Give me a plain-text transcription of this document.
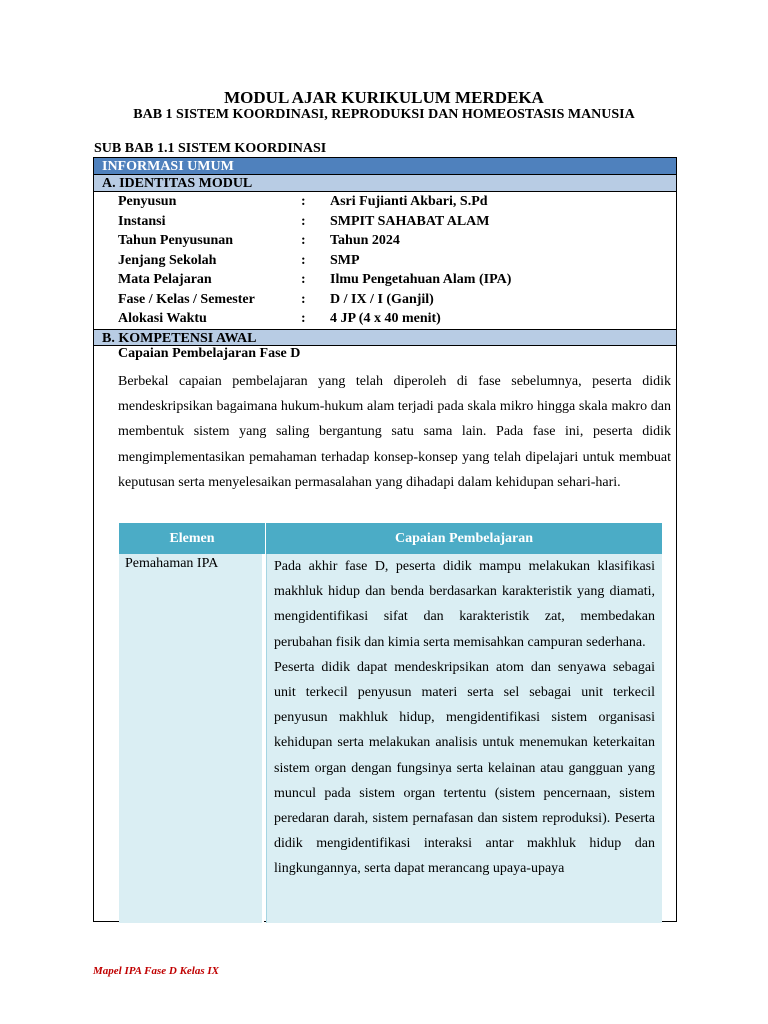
MODUL AJAR KURIKULUM MERDEKA
BAB 1 SISTEM KOORDINASI, REPRODUKSI DAN HOMEOSTASIS MANUSIA
SUB BAB 1.1 SISTEM KOORDINASI
INFORMASI UMUM
A. IDENTITAS MODUL
Penyusun	: Asri Fujianti Akbari, S.Pd
Instansi	: SMPIT SAHABAT ALAM
Tahun Penyusunan	: Tahun 2024
Jenjang Sekolah	: SMP
Mata Pelajaran	: Ilmu Pengetahuan Alam (IPA)
Fase / Kelas / Semester	: D / IX / I (Ganjil)
Alokasi Waktu	: 4 JP (4 x 40 menit)
B. KOMPETENSI AWAL
Capaian Pembelajaran Fase D
Berbekal capaian pembelajaran yang telah diperoleh di fase sebelumnya, peserta didik mendeskripsikan bagaimana hukum-hukum alam terjadi pada skala mikro hingga skala makro dan membentuk sistem yang saling bergantung satu sama lain. Pada fase ini, peserta didik mengimplementasikan pemahaman terhadap konsep-konsep yang telah dipelajari untuk membuat keputusan serta menyelesaikan permasalahan yang dihadapi dalam kehidupan sehari-hari.
Elemen	Capaian Pembelajaran
Pemahaman IPA	Pada akhir fase D, peserta didik mampu melakukan klasifikasi makhluk hidup dan benda berdasarkan karakteristik yang diamati, mengidentifikasi sifat dan karakteristik zat, membedakan perubahan fisik dan kimia serta memisahkan campuran sederhana.

Peserta didik dapat mendeskripsikan atom dan senyawa sebagai unit terkecil penyusun materi serta sel sebagai unit terkecil penyusun makhluk hidup, mengidentifikasi sistem organisasi kehidupan serta melakukan analisis untuk menemukan keterkaitan sistem organ dengan fungsinya serta kelainan atau gangguan yang muncul pada sistem organ tertentu (sistem pencernaan, sistem peredaran darah, sistem pernafasan dan sistem reproduksi). Peserta didik mengidentifikasi interaksi antar makhluk hidup dan lingkungannya, serta dapat merancang upaya-upaya

Mapel IPA Fase D Kelas IX
